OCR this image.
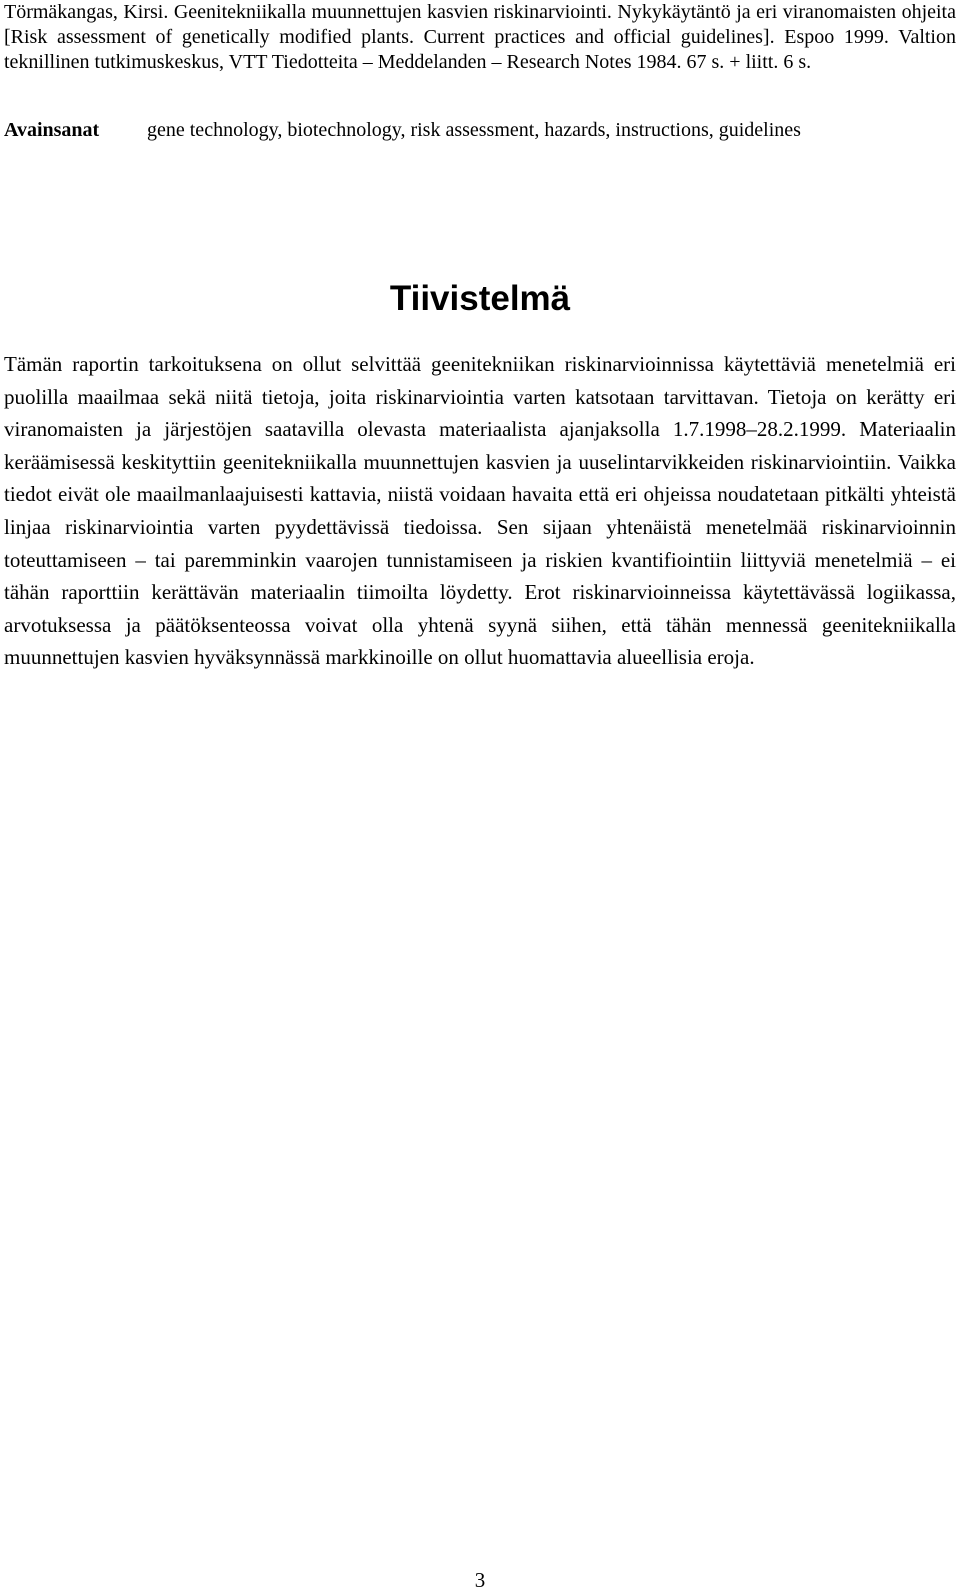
Törmäkangas, Kirsi. Geenitekniikalla muunnettujen kasvien riskinarviointi. Nykykäytäntö ja eri viranomaisten ohjeita [Risk assessment of genetically modified plants. Current practices and official guidelines]. Espoo 1999. Valtion teknillinen tutkimuskeskus, VTT Tiedotteita – Meddelanden – Research Notes 1984. 67 s. + liitt. 6 s.

Avainsanat gene technology, biotechnology, risk assessment, hazards, instructions, guidelines
Tiivistelmä

Tämän raportin tarkoituksena on ollut selvittää geenitekniikan riskinarvioinnissa käytettäviä menetelmiä eri puolilla maailmaa sekä niitä tietoja, joita riskinarviointia varten katsotaan tarvittavan. Tietoja on kerätty eri viranomaisten ja järjestöjen saatavilla olevasta materiaalista ajanjaksolla 1.7.1998–28.2.1999. Materiaalin keräämisessä keskityttiin geenitekniikalla muunnettujen kasvien ja uuselintarvikkeiden riskinarviointiin. Vaikka tiedot eivät ole maailmanlaajuisesti kattavia, niistä voidaan havaita että eri ohjeissa noudatetaan pitkälti yhteistä linjaa riskinarviointia varten pyydettävissä tiedoissa. Sen sijaan yhtenäistä menetelmää riskinarvioinnin toteuttamiseen – tai paremminkin vaarojen tunnistamiseen ja riskien kvantifiointiin liittyviä menetelmiä – ei tähän raporttiin kerättävän materiaalin tiimoilta löydetty. Erot riskinarvioinneissa käytettävässä logiikassa, arvotuksessa ja päätöksenteossa voivat olla yhtenä syynä siihen, että tähän mennessä geenitekniikalla muunnettujen kasvien hyväksynnässä markkinoille on ollut huomattavia alueellisia eroja.

3
